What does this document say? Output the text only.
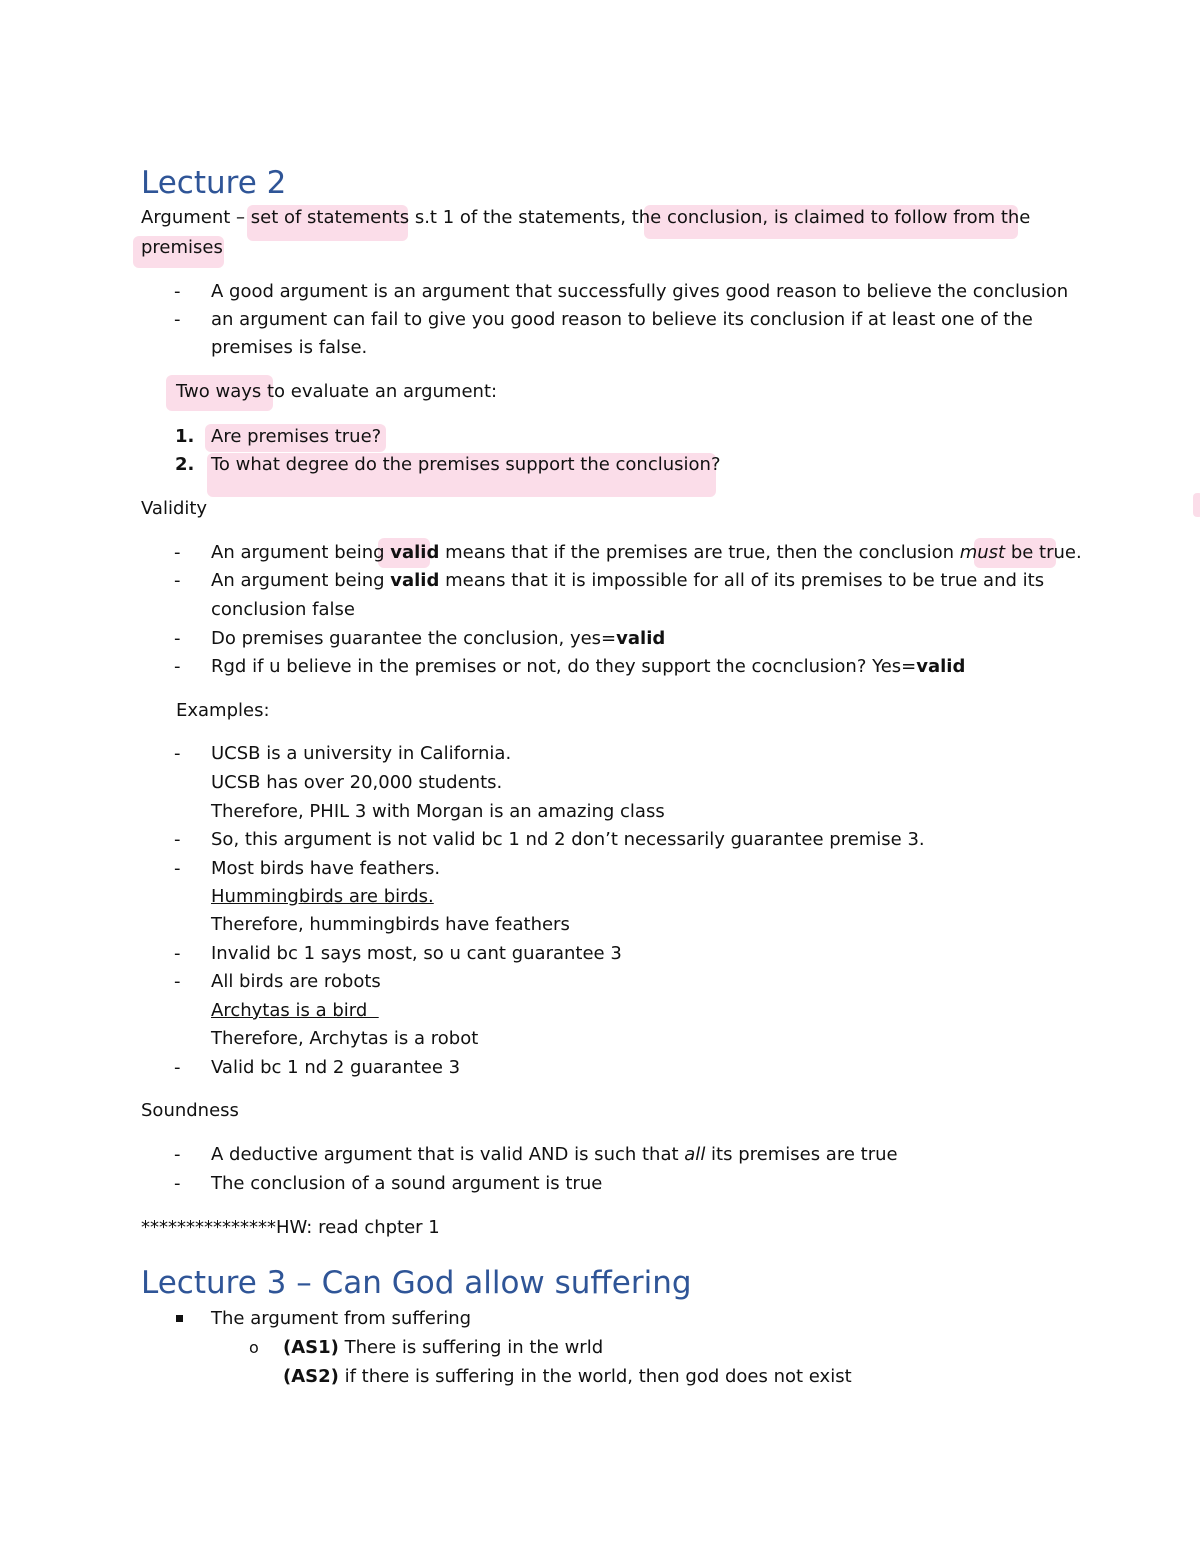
Lecture 2
Argument – set of statements s.t 1 of the statements, the conclusion, is claimed to follow from the
premises
- A good argument is an argument that successfully gives good reason to believe the conclusion
- an argument can fail to give you good reason to believe its conclusion if at least one of the
premises is false.
Two ways to evaluate an argument:
1. Are premises true?
2. To what degree do the premises support the conclusion?
Validity
- An argument being valid means that if the premises are true, then the conclusion must be true.
- An argument being valid means that it is impossible for all of its premises to be true and its
conclusion false
- Do premises guarantee the conclusion, yes=valid
- Rgd if u believe in the premises or not, do they support the cocnclusion? Yes=valid
Examples:
- UCSB is a university in California.
UCSB has over 20,000 students.
Therefore, PHIL 3 with Morgan is an amazing class
- So, this argument is not valid bc 1 nd 2 don’t necessarily guarantee premise 3.
- Most birds have feathers.
Hummingbirds are birds.
Therefore, hummingbirds have feathers
- Invalid bc 1 says most, so u cant guarantee 3
- All birds are robots
Archytas is a bird
Therefore, Archytas is a robot
- Valid bc 1 nd 2 guarantee 3
Soundness
- A deductive argument that is valid AND is such that all its premises are true
- The conclusion of a sound argument is true
***************HW: read chpter 1
Lecture 3 – Can God allow suffering
The argument from suffering
o (AS1) There is suffering in the wrld
(AS2) if there is suffering in the world, then god does not exist
